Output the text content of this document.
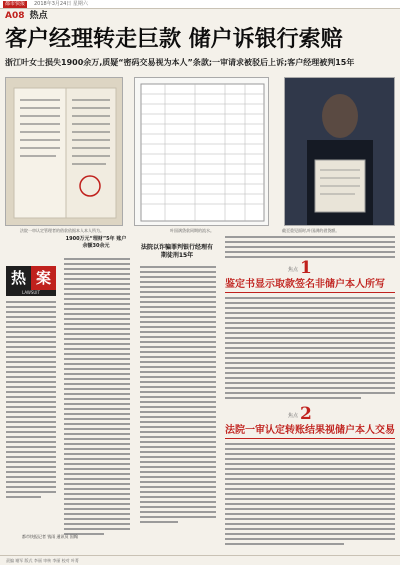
都市快报	2018年3月24日 星期六
A08 热点
客户经理转走巨款 储户诉银行索赔
浙江叶女士损失1900余万,质疑“密码交易视为本人”条款;一审请求被驳后上诉;客户经理被判15年
法院一审认定管理者的借款依据本人本人所为。	叶国满贷款同期的流水。	截至重见面时,叶国满的借贷额。
热 案
LAWSUIT
1900万元“理财”5年 账户余额30余元	法院以诈骗罪判银行经理有期徒刑15年
1
焦点
鉴定书显示取款签名非储户本人所写
2
焦点
法院一审认定转账结果视储户本人交易
都市快报记者 钱雨 通讯员 国翰
责编 谢军 版式 李丽 审核 李丽 校对 叶菁
